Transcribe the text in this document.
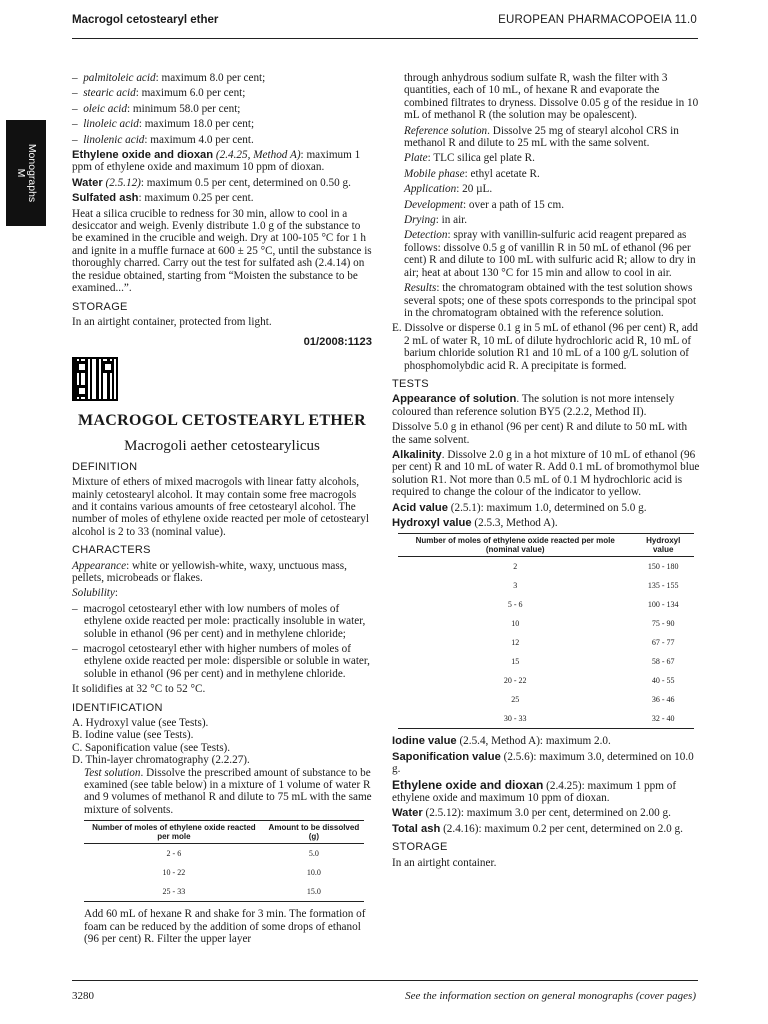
Macrogol cetostearyl ether	EUROPEAN PHARMACOPOEIA 11.0
Monographs
M

–  palmitoleic acid: maximum 8.0 per cent;

–  stearic acid: maximum 6.0 per cent;

–  oleic acid: minimum 58.0 per cent;

–  linoleic acid: maximum 18.0 per cent;

–  linolenic acid: maximum 4.0 per cent.

Ethylene oxide and dioxan (2.4.25, Method A): maximum 1 ppm of ethylene oxide and maximum 10 ppm of dioxan.

Water (2.5.12): maximum 0.5 per cent, determined on 0.50 g.

Sulfated ash: maximum 0.25 per cent.

Heat a silica crucible to redness for 30 min, allow to cool in a desiccator and weigh. Evenly distribute 1.0 g of the substance to be examined in the crucible and weigh. Dry at 100-105 °C for 1 h and ignite in a muffle furnace at 600 ± 25 °C, until the substance is thoroughly charred. Carry out the test for sulfated ash (2.4.14) on the residue obtained, starting from “Moisten the substance to be examined...”.

STORAGE

In an airtight container, protected from light.

01/2008:1123
MACROGOL CETOSTEARYL ETHER
Macrogoli aether cetostearylicus
DEFINITION

Mixture of ethers of mixed macrogols with linear fatty alcohols, mainly cetostearyl alcohol. It may contain some free macrogols and it contains various amounts of free cetostearyl alcohol. The number of moles of ethylene oxide reacted per mole of cetostearyl alcohol is 2 to 33 (nominal value).

CHARACTERS

Appearance: white or yellowish-white, waxy, unctuous mass, pellets, microbeads or flakes.

Solubility:

–  macrogol cetostearyl ether with low numbers of moles of ethylene oxide reacted per mole: practically insoluble in water, soluble in ethanol (96 per cent) and in methylene chloride;

–  macrogol cetostearyl ether with higher numbers of moles of ethylene oxide reacted per mole: dispersible or soluble in water, soluble in ethanol (96 per cent) and in methylene chloride.

It solidifies at 32 °C to 52 °C.

IDENTIFICATION

A. Hydroxyl value (see Tests).

B. Iodine value (see Tests).

C. Saponification value (see Tests).

D. Thin-layer chromatography (2.2.27).

Test solution. Dissolve the prescribed amount of substance to be examined (see table below) in a mixture of 1 volume of water R and 9 volumes of methanol R and dilute to 75 mL with the same mixture of solvents.

Number of moles of ethylene oxide reacted per mole	Amount to be dissolved (g)
2 - 6	5.0
10 - 22	10.0
25 - 33	15.0

Add 60 mL of hexane R and shake for 3 min. The formation of foam can be reduced by the addition of some drops of ethanol (96 per cent) R. Filter the upper layer

through anhydrous sodium sulfate R, wash the filter with 3 quantities, each of 10 mL, of hexane R and evaporate the combined filtrates to dryness. Dissolve 0.05 g of the residue in 10 mL of methanol R (the solution may be opalescent).

Reference solution. Dissolve 25 mg of stearyl alcohol CRS in methanol R and dilute to 25 mL with the same solvent.

Plate: TLC silica gel plate R.

Mobile phase: ethyl acetate R.

Application: 20 µL.

Development: over a path of 15 cm.

Drying: in air.

Detection: spray with vanillin-sulfuric acid reagent prepared as follows: dissolve 0.5 g of vanillin R in 50 mL of ethanol (96 per cent) R and dilute to 100 mL with sulfuric acid R; allow to dry in air; heat at about 130 °C for 15 min and allow to cool in air.

Results: the chromatogram obtained with the test solution shows several spots; one of these spots corresponds to the principal spot in the chromatogram obtained with the reference solution.

E. Dissolve or disperse 0.1 g in 5 mL of ethanol (96 per cent) R, add 2 mL of water R, 10 mL of dilute hydrochloric acid R, 10 mL of barium chloride solution R1 and 10 mL of a 100 g/L solution of phosphomolybdic acid R. A precipitate is formed.

TESTS

Appearance of solution. The solution is not more intensely coloured than reference solution BY5 (2.2.2, Method II).

Dissolve 5.0 g in ethanol (96 per cent) R and dilute to 50 mL with the same solvent.

Alkalinity. Dissolve 2.0 g in a hot mixture of 10 mL of ethanol (96 per cent) R and 10 mL of water R. Add 0.1 mL of bromothymol blue solution R1. Not more than 0.5 mL of 0.1 M hydrochloric acid is required to change the colour of the indicator to yellow.

Acid value (2.5.1): maximum 1.0, determined on 5.0 g.

Hydroxyl value (2.5.3, Method A).

Number of moles of ethylene oxide reacted per mole (nominal value)	Hydroxyl value
2	150 - 180
3	135 - 155
5 - 6	100 - 134
10	75 - 90
12	67 - 77
15	58 - 67
20 - 22	40 - 55
25	36 - 46
30 - 33	32 - 40

Iodine value (2.5.4, Method A): maximum 2.0.

Saponification value (2.5.6): maximum 3.0, determined on 10.0 g.

Ethylene oxide and dioxan (2.4.25): maximum 1 ppm of ethylene oxide and maximum 10 ppm of dioxan.

Water (2.5.12): maximum 3.0 per cent, determined on 2.00 g.

Total ash (2.4.16): maximum 0.2 per cent, determined on 2.0 g.

STORAGE

In an airtight container.

3280	See the information section on general monographs (cover pages)
